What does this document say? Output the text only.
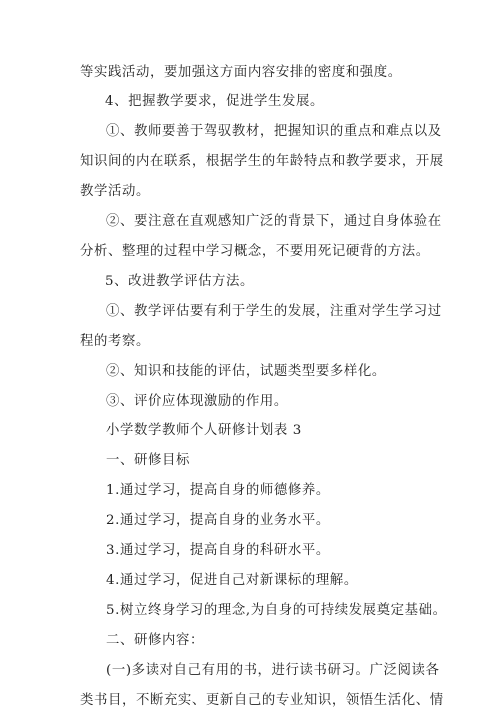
等实践活动，要加强这方面内容安排的密度和强度。
4、把握教学要求，促进学生发展。
①、教师要善于驾驭教材，把握知识的重点和难点以及
知识间的内在联系，根据学生的年龄特点和教学要求，开展
教学活动。
②、要注意在直观感知广泛的背景下，通过自身体验在
分析、整理的过程中学习概念，不要用死记硬背的方法。
5、改进教学评估方法。
①、教学评估要有利于学生的发展，注重对学生学习过
程的考察。
②、知识和技能的评估，试题类型要多样化。
③、评价应体现激励的作用。
小学数学教师个人研修计划表 3
一、研修目标
1.通过学习，提高自身的师德修养。
2.通过学习，提高自身的业务水平。
3.通过学习，提高自身的科研水平。
4.通过学习，促进自己对新课标的理解。
5.树立终身学习的理念,为自身的可持续发展奠定基础。
二、研修内容：
(一)多读对自己有用的书，进行读书研习。广泛阅读各
类书目，不断充实、更新自己的专业知识，领悟生活化、情
